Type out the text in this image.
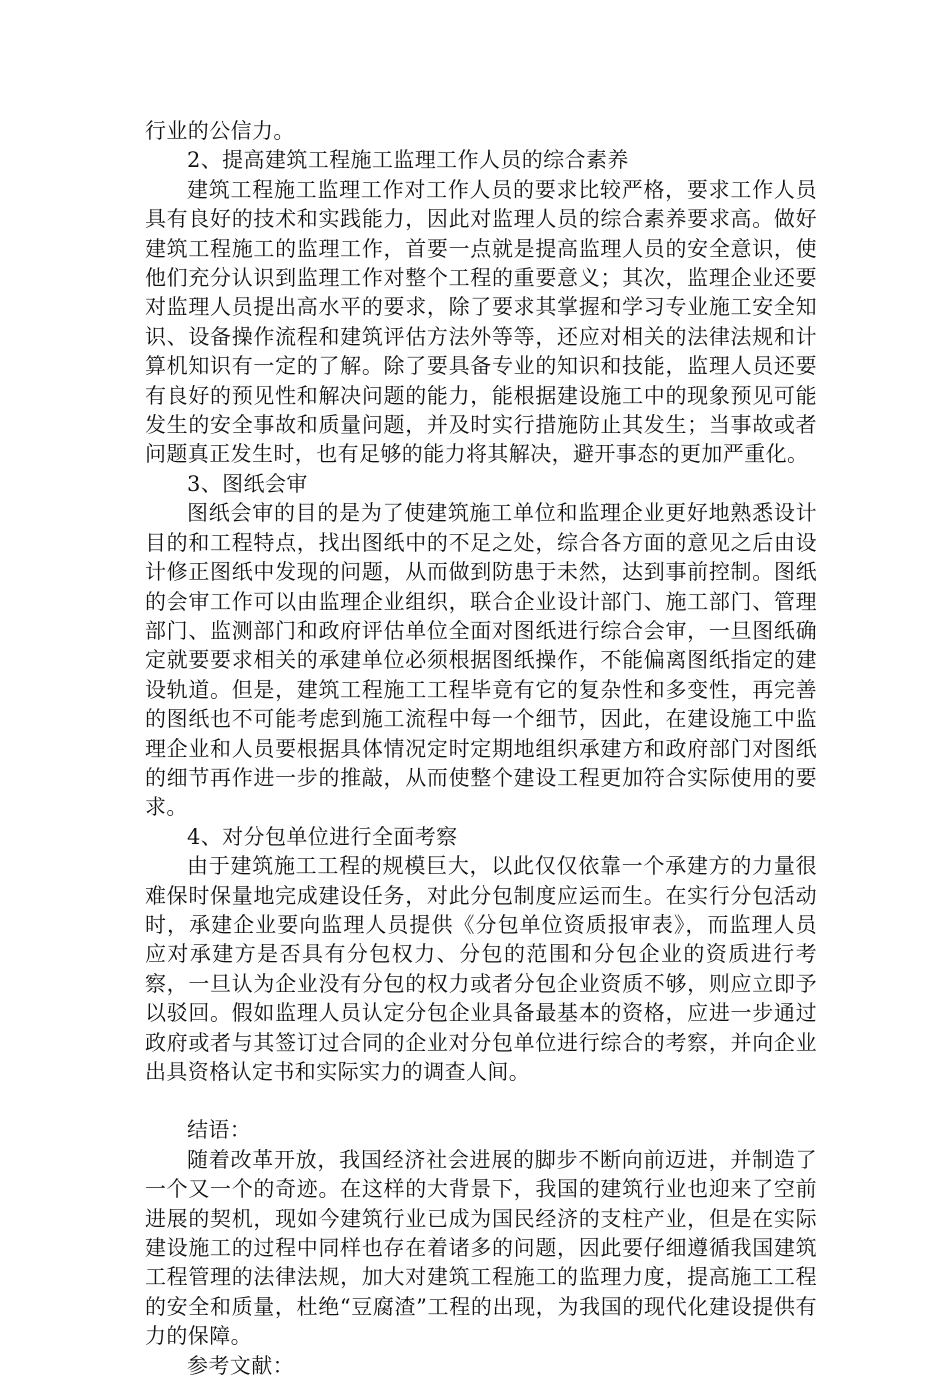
行业的公信力。

2、提高建筑工程施工监理工作人员的综合素养

建筑工程施工监理工作对工作人员的要求比较严格，要求工作人员具有良好的技术和实践能力，因此对监理人员的综合素养要求高。做好建筑工程施工的监理工作，首要一点就是提高监理人员的安全意识，使他们充分认识到监理工作对整个工程的重要意义；其次，监理企业还要对监理人员提出高水平的要求，除了要求其掌握和学习专业施工安全知识、设备操作流程和建筑评估方法外等等，还应对相关的法律法规和计算机知识有一定的了解。除了要具备专业的知识和技能，监理人员还要有良好的预见性和解决问题的能力，能根据建设施工中的现象预见可能发生的安全事故和质量问题，并及时实行措施防止其发生；当事故或者问题真正发生时，也有足够的能力将其解决，避开事态的更加严重化。

3、图纸会审

图纸会审的目的是为了使建筑施工单位和监理企业更好地熟悉设计目的和工程特点，找出图纸中的不足之处，综合各方面的意见之后由设计修正图纸中发现的问题，从而做到防患于未然，达到事前控制。图纸的会审工作可以由监理企业组织，联合企业设计部门、施工部门、管理部门、监测部门和政府评估单位全面对图纸进行综合会审，一旦图纸确定就要要求相关的承建单位必须根据图纸操作，不能偏离图纸指定的建设轨道。但是，建筑工程施工工程毕竟有它的复杂性和多变性，再完善的图纸也不可能考虑到施工流程中每一个细节，因此，在建设施工中监理企业和人员要根据具体情况定时定期地组织承建方和政府部门对图纸的细节再作进一步的推敲，从而使整个建设工程更加符合实际使用的要求。

4、对分包单位进行全面考察

由于建筑施工工程的规模巨大，以此仅仅依靠一个承建方的力量很难保时保量地完成建设任务，对此分包制度应运而生。在实行分包活动时，承建企业要向监理人员提供《分包单位资质报审表》，而监理人员应对承建方是否具有分包权力、分包的范围和分包企业的资质进行考察，一旦认为企业没有分包的权力或者分包企业资质不够，则应立即予以驳回。假如监理人员认定分包企业具备最基本的资格，应进一步通过政府或者与其签订过合同的企业对分包单位进行综合的考察，并向企业出具资格认定书和实际实力的调查人间。

结语：

随着改革开放，我国经济社会进展的脚步不断向前迈进，并制造了一个又一个的奇迹。在这样的大背景下，我国的建筑行业也迎来了空前进展的契机，现如今建筑行业已成为国民经济的支柱产业，但是在实际建设施工的过程中同样也存在着诸多的问题，因此要仔细遵循我国建筑工程管理的法律法规，加大对建筑工程施工的监理力度，提高施工工程的安全和质量，杜绝“豆腐渣”工程的出现，为我国的现代化建设提供有力的保障。

参考文献：
